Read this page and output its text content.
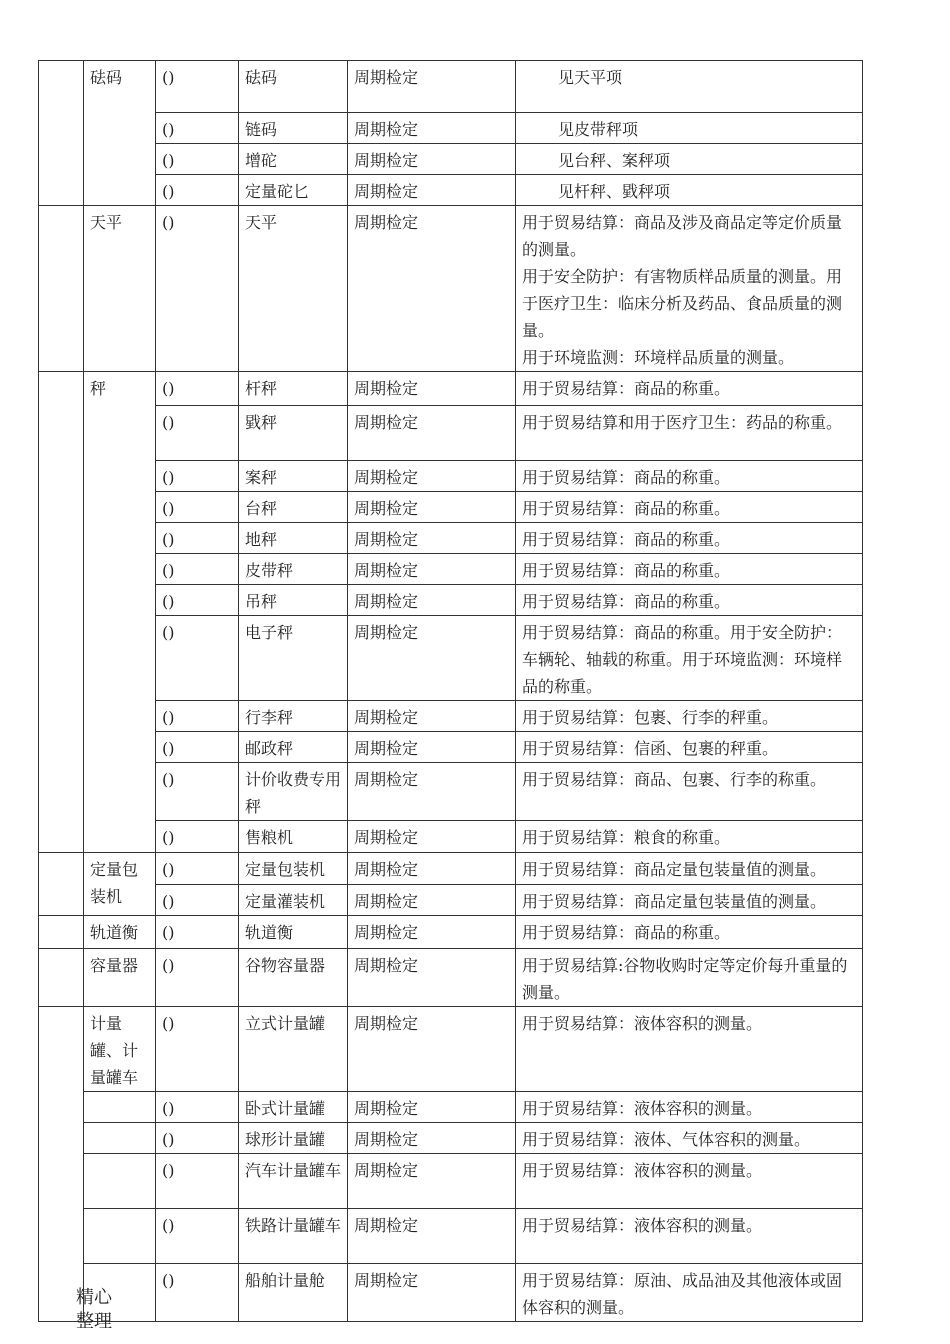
	砝码	()	砝码	周期检定	见天平项

		()	链码	周期检定	见皮带秤项

		()	增砣	周期检定	见台秤、案秤项

		()	定量砣匕	周期检定	见杆秤、戥秤项

	天平	()	天平	周期检定	用于贸易结算：商品及涉及商品定等定价质量的测量。
用于安全防护：有害物质样品质量的测量。用于医疗卫生：临床分析及药品、食品质量的测量。
用于环境监测：环境样品质量的测量。

	秤	()	杆秤	周期检定	用于贸易结算：商品的称重。

		()	戥秤	周期检定	用于贸易结算和用于医疗卫生：药品的称重。

		()	案秤	周期检定	用于贸易结算：商品的称重。

		()	台秤	周期检定	用于贸易结算：商品的称重。

		()	地秤	周期检定	用于贸易结算：商品的称重。

		()	皮带秤	周期检定	用于贸易结算：商品的称重。

		()	吊秤	周期检定	用于贸易结算：商品的称重。

		()	电子秤	周期检定	用于贸易结算：商品的称重。用于安全防护：车辆轮、轴载的称重。用于环境监测：环境样品的称重。

		()	行李秤	周期检定	用于贸易结算：包裹、行李的秤重。

		()	邮政秤	周期检定	用于贸易结算：信函、包裹的秤重。

		()	计价收费专用秤	周期检定	用于贸易结算：商品、包裹、行李的称重。

		()	售粮机	周期检定	用于贸易结算：粮食的称重。

	定量包装机	()	定量包装机	周期检定	用于贸易结算：商品定量包装量值的测量。

		()	定量灌装机	周期检定	用于贸易结算：商品定量包装量值的测量。

	轨道衡	()	轨道衡	周期检定	用于贸易结算：商品的称重。

	容量器	()	谷物容量器	周期检定	用于贸易结算:谷物收购时定等定价每升重量的测量。

	计量罐、计量罐车	()	立式计量罐	周期检定	用于贸易结算：液体容积的测量。

		()	卧式计量罐	周期检定	用于贸易结算：液体容积的测量。

		()	球形计量罐	周期检定	用于贸易结算：液体、气体容积的测量。

		()	汽车计量罐车	周期检定	用于贸易结算：液体容积的测量。

		()	铁路计量罐车	周期检定	用于贸易结算：液体容积的测量。

		()	船舶计量舱	周期检定	用于贸易结算：原油、成品油及其他液体或固体容积的测量。
精心整理
